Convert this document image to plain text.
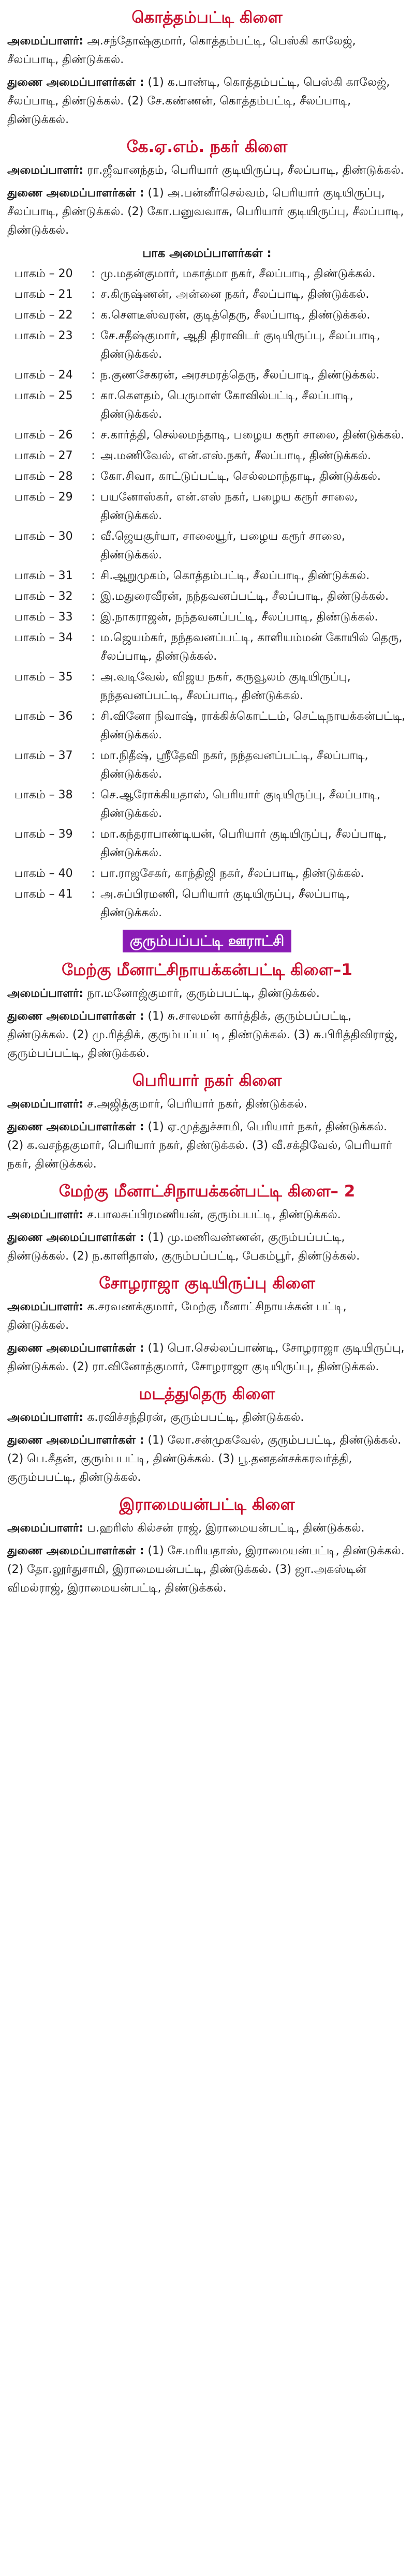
கொத்தம்பட்டி கிளை

அமைப்பாளர்: அ.சந்தோஷ்குமார், கொத்தம்பட்டி, பெஸ்கி காலேஜ், சீலப்பாடி, திண்டுக்கல்.

துணை அமைப்பாளர்கள் : (1) க.பாண்டி, கொத்தம்பட்டி, பெஸ்கி காலேஜ், சீலப்பாடி, திண்டுக்கல். (2) சே.கண்ணன், கொத்தம்பட்டி, சீலப்பாடி, திண்டுக்கல்.

கே.ஏ.எம். நகர் கிளை

அமைப்பாளர்: ரா.ஜீவானந்தம், பெரியார் குடியிருப்பு, சீலப்பாடி, திண்டுக்கல்.

துணை அமைப்பாளர்கள் : (1) அ.பன்னீர்செல்வம், பெரியார் குடியிருப்பு, சீலப்பாடி, திண்டுக்கல். (2) கோ.பனுவவாசு, பெரியார் குடியிருப்பு, சீலப்பாடி, திண்டுக்கல்.

பாக அமைப்பாளர்கள் :
பாகம் – 20	: மு.மதன்குமார், மகாத்மா நகர், சீலப்பாடி, திண்டுக்கல்.
பாகம் – 21	: ச.கிருஷ்ணன், அன்னை நகர், சீலப்பாடி, திண்டுக்கல்.
பாகம் – 22	: க.சௌடீஸ்வரன், குடித்தெரு, சீலப்பாடி, திண்டுக்கல்.
பாகம் – 23	: சே.சதீஷ்குமார், ஆதி திராவிடர் குடியிருப்பு, சீலப்பாடி, திண்டுக்கல்.
பாகம் – 24	: ந.குணசேகரன், அரசமரத்தெரு, சீலப்பாடி, திண்டுக்கல்.
பாகம் – 25	: கா.கௌதம், பெருமாள் கோவில்பட்டி, சீலப்பாடி, திண்டுக்கல்.
பாகம் – 26	: ச.கார்த்தி, செல்லமந்தாடி, பழைய கரூர் சாலை, திண்டுக்கல்.
பாகம் – 27	: அ.மணிவேல், என்.எஸ்.நகர், சீலப்பாடி, திண்டுக்கல்.
பாகம் – 28	: கோ.சிவா, காட்டுப்பட்டி, செல்லமாந்தாடி, திண்டுக்கல்.
பாகம் – 29	: பயனோஸ்கர், என்.எஸ் நகர், பழைய கரூர் சாலை, திண்டுக்கல்.
பாகம் – 30	: வீ.ஜெயசூர்யா, சாலையூர், பழைய கரூர் சாலை, திண்டுக்கல்.
பாகம் – 31	: சி.ஆறுமுகம், கொத்தம்பட்டி, சீலப்பாடி, திண்டுக்கல்.
பாகம் – 32	: இ.மதுரைவீரன், நந்தவனப்பட்டி, சீலப்பாடி, திண்டுக்கல்.
பாகம் – 33	: இ.நாகராஜன், நந்தவனப்பட்டி, சீலப்பாடி, திண்டுக்கல்.
பாகம் – 34	: ம.ஜெயம்கர், நந்தவனப்பட்டி, காளியம்மன் கோயில் தெரு, சீலப்பாடி, திண்டுக்கல்.
பாகம் – 35	: அ.வடிவேல், விஜய நகர், கருவூலம் குடியிருப்பு, நந்தவனப்பட்டி, சீலப்பாடி, திண்டுக்கல்.
பாகம் – 36	: சி.வினோ நிவாஷ், ராக்கிக்கொட்டம், செட்டிநாயக்கன்பட்டி, திண்டுக்கல்.
பாகம் – 37	: மா.நிதீஷ், ஸ்ரீதேவி நகர், நந்தவனப்பட்டி, சீலப்பாடி, திண்டுக்கல்.
பாகம் – 38	: செ.ஆரோக்கியதாஸ், பெரியார் குடியிருப்பு, சீலப்பாடி, திண்டுக்கல்.
பாகம் – 39	: மா.கந்தராபாண்டியன், பெரியார் குடியிருப்பு, சீலப்பாடி, திண்டுக்கல்.
பாகம் – 40	: பா.ராஜசேகர், காந்திஜி நகர், சீலப்பாடி, திண்டுக்கல்.
பாகம் – 41	: அ.சுப்பிரமணி, பெரியார் குடியிருப்பு, சீலப்பாடி, திண்டுக்கல்.
குரும்பப்பட்டி ஊராட்சி
மேற்கு மீனாட்சிநாயக்கன்பட்டி கிளை–1

அமைப்பாளர்: நா.மனோஜ்குமார், குரும்பபட்டி, திண்டுக்கல்.

துணை அமைப்பாளர்கள் : (1) சு.சாலமன் கார்த்திக், குரும்பப்பட்டி, திண்டுக்கல். (2) மு.ரித்திக், குரும்பப்பட்டி, திண்டுக்கல். (3) சு.பிரித்திவிராஜ், குரும்பப்பட்டி, திண்டுக்கல்.

பெரியார் நகர் கிளை

அமைப்பாளர்: ச.அஜித்குமார், பெரியார் நகர், திண்டுக்கல்.

துணை அமைப்பாளர்கள் : (1) ஏ.முத்துச்சாமி, பெரியார் நகர், திண்டுக்கல். (2) க.வசந்தகுமார், பெரியார் நகர், திண்டுக்கல். (3) வீ.சக்திவேல், பெரியார் நகர், திண்டுக்கல்.

மேற்கு மீனாட்சிநாயக்கன்பட்டி கிளை– 2

அமைப்பாளர்: ச.பாலசுப்பிரமணியன், குரும்பபட்டி, திண்டுக்கல்.

துணை அமைப்பாளர்கள் : (1) மு.மணிவண்ணன், குரும்பப்பட்டி, திண்டுக்கல். (2) ந.காளிதாஸ், குரும்பப்பட்டி, பேகம்பூர், திண்டுக்கல்.

சோழராஜா குடியிருப்பு கிளை

அமைப்பாளர்: க.சரவணக்குமார், மேற்கு மீனாட்சிநாயக்கன் பட்டி, திண்டுக்கல்.

துணை அமைப்பாளர்கள் : (1) பொ.செல்லப்பாண்டி, சோழராஜா குடியிருப்பு, திண்டுக்கல். (2) ரா.வினோத்குமார், சோழராஜா குடியிருப்பு, திண்டுக்கல்.

மடத்துதெரு கிளை

அமைப்பாளர்: க.ரவிச்சந்திரன், குரும்பபட்டி, திண்டுக்கல்.

துணை அமைப்பாளர்கள் : (1) லோ.சன்முகவேல், குரும்பபட்டி, திண்டுக்கல். (2) பெ.கீதன், குரும்பபட்டி, திண்டுக்கல். (3) பூ.தனதன்சக்கரவர்த்தி, குரும்பபட்டி, திண்டுக்கல்.

இராமையன்பட்டி கிளை

அமைப்பாளர்: ப.ஹரிஸ் கில்சன் ராஜ், இராமையன்பட்டி, திண்டுக்கல்.

துணை அமைப்பாளர்கள் : (1) சே.மரியதாஸ், இராமையன்பட்டி, திண்டுக்கல். (2) தோ.லூர்துசாமி, இராமையன்பட்டி, திண்டுக்கல். (3) ஜா.அகஸ்டின் விமல்ராஜ், இராமையன்பட்டி, திண்டுக்கல்.
